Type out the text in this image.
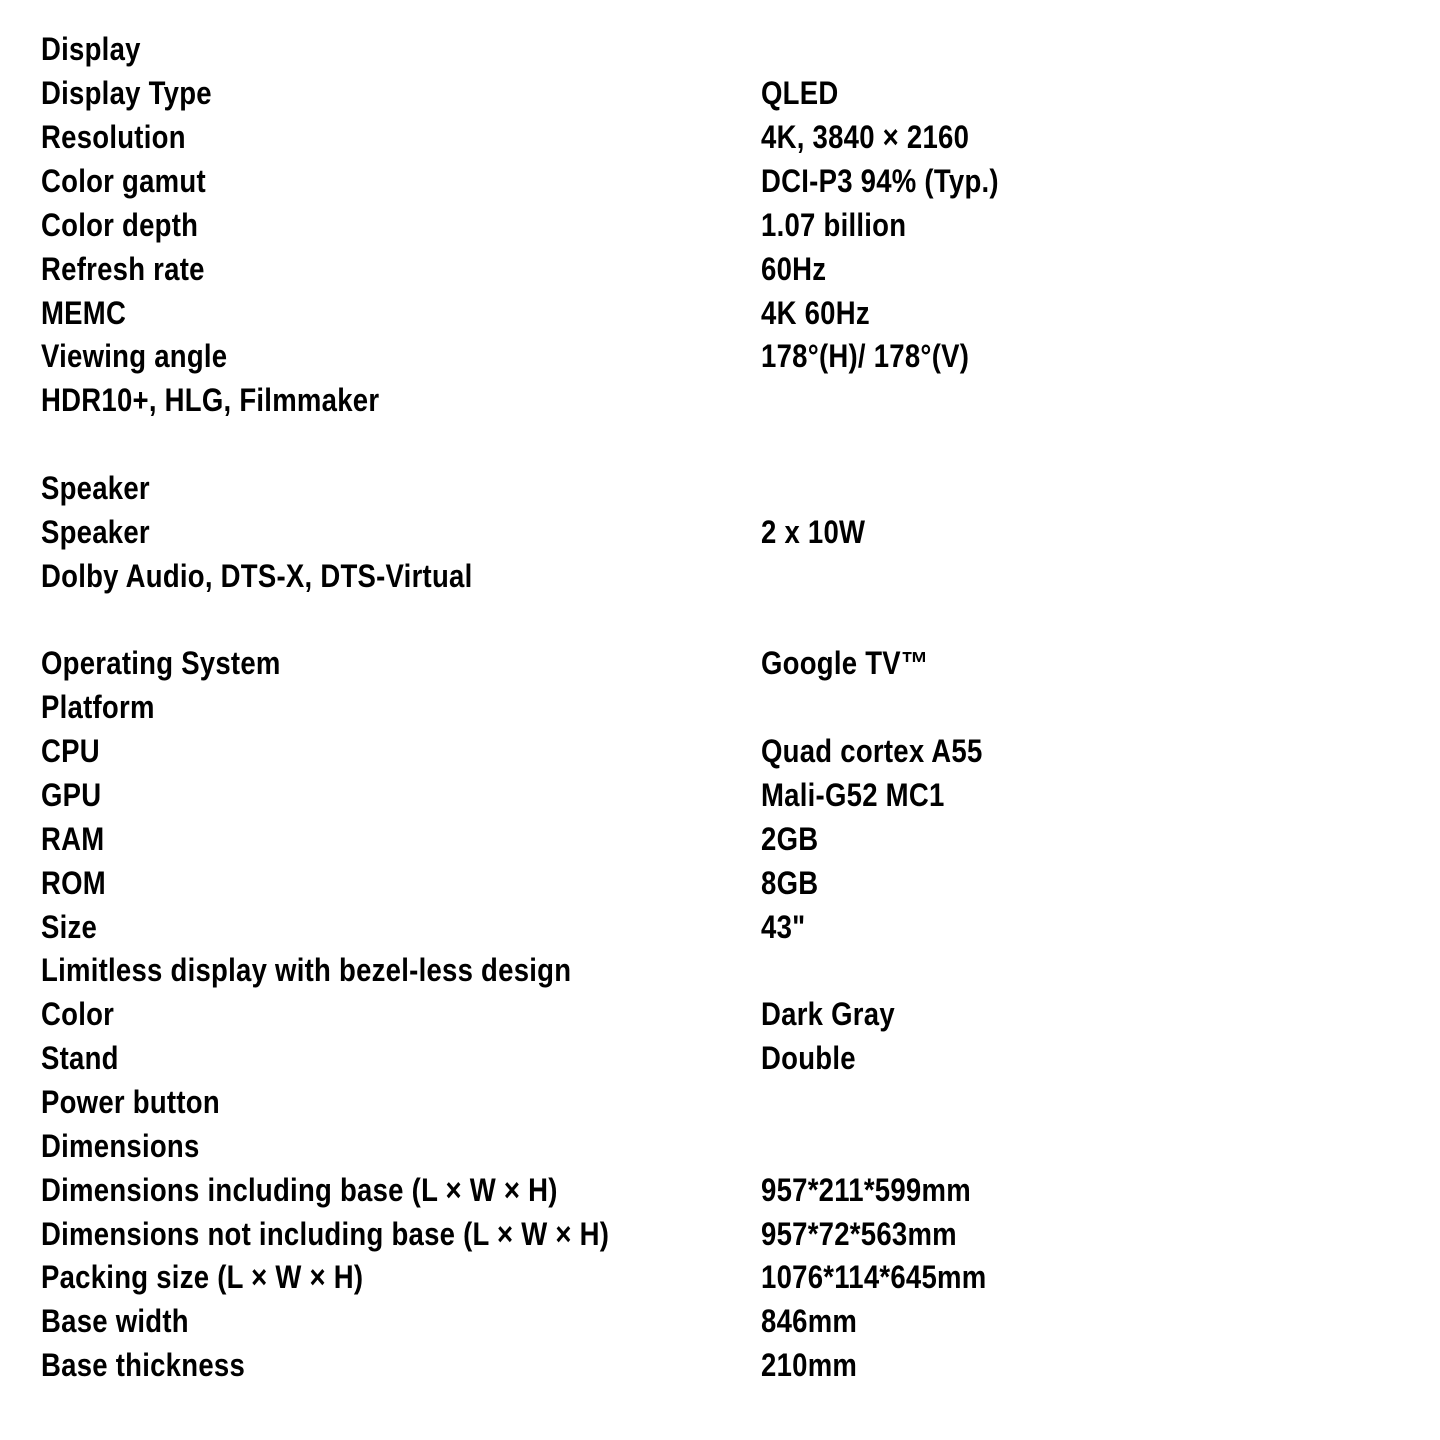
Display
Display Type	QLED
Resolution	4K, 3840 × 2160
Color gamut	DCI-P3 94% (Typ.)
Color depth	1.07 billion
Refresh rate	60Hz
MEMC	4K 60Hz
Viewing angle	178°(H)/ 178°(V)
HDR10+, HLG, Filmmaker
Speaker
Speaker	2 x 10W
Dolby Audio, DTS-X, DTS-Virtual
Operating System	Google TV™
Platform
CPU	Quad cortex A55
GPU	Mali-G52 MC1
RAM	2GB
ROM	8GB
Size	43"
Limitless display with bezel-less design
Color	Dark Gray
Stand	Double
Power button
Dimensions
Dimensions including base (L × W × H)	957*211*599mm
Dimensions not including base (L × W × H)	957*72*563mm
Packing size (L × W × H)	1076*114*645mm
Base width	846mm
Base thickness	210mm
